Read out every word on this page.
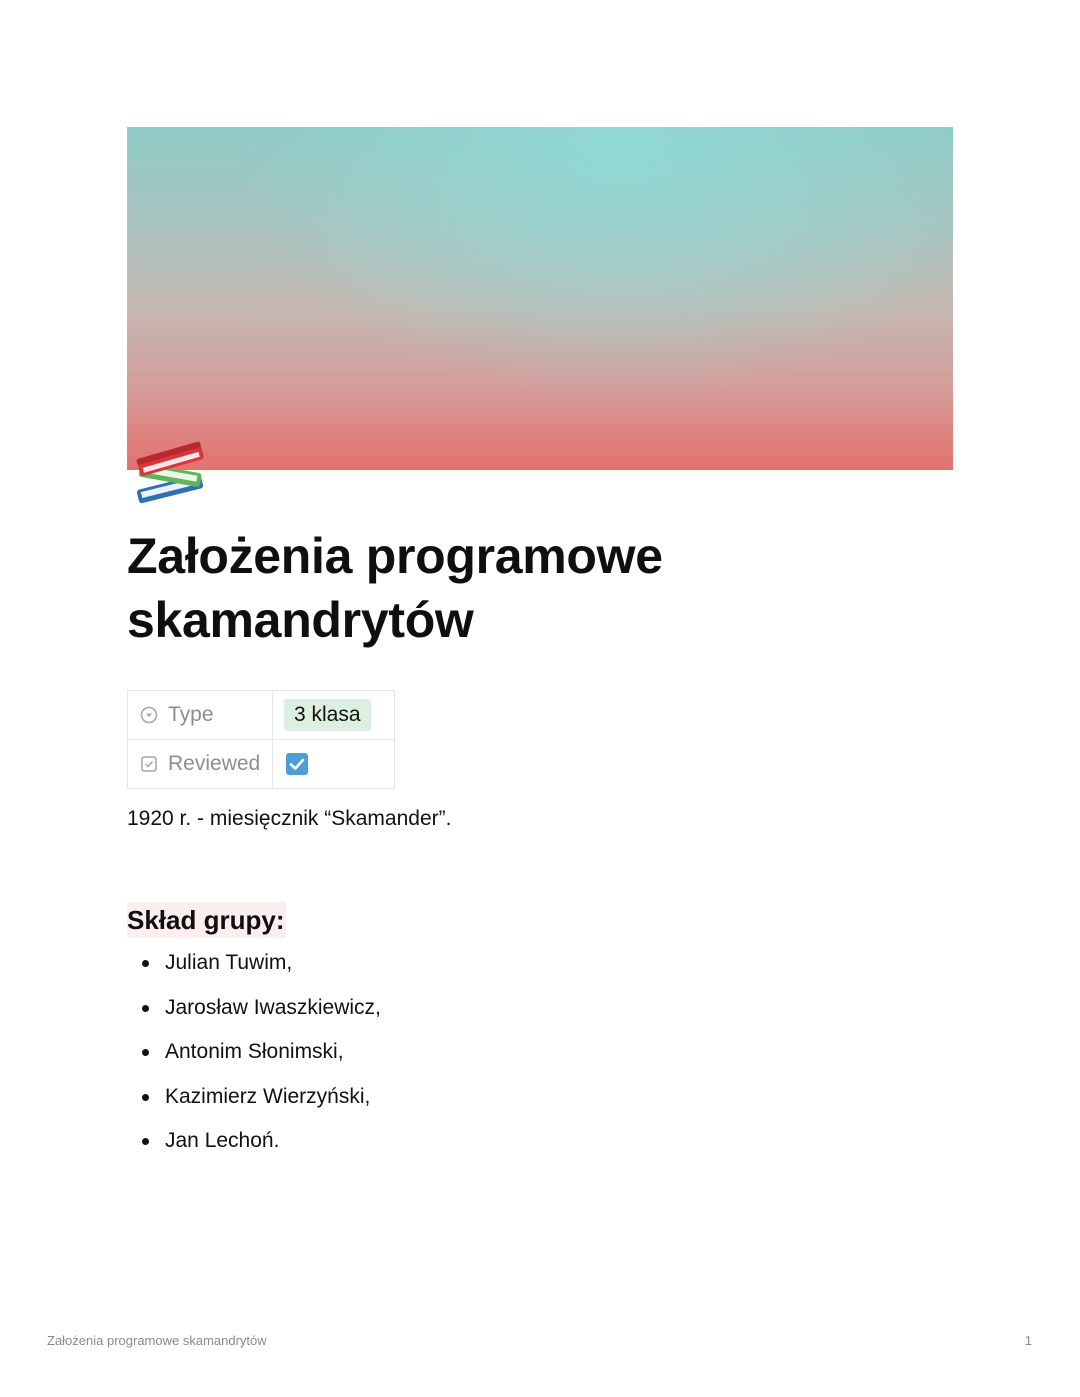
Założenia programowe skamandrytów
Type	3 klasa

Reviewed

1920 r. - miesięcznik “Skamander”.

Skład grupy:
Julian Tuwim,
Jarosław Iwaszkiewicz,
Antonim Słonimski,
Kazimierz Wierzyński,
Jan Lechoń.
Założenia programowe skamandrytów	1
